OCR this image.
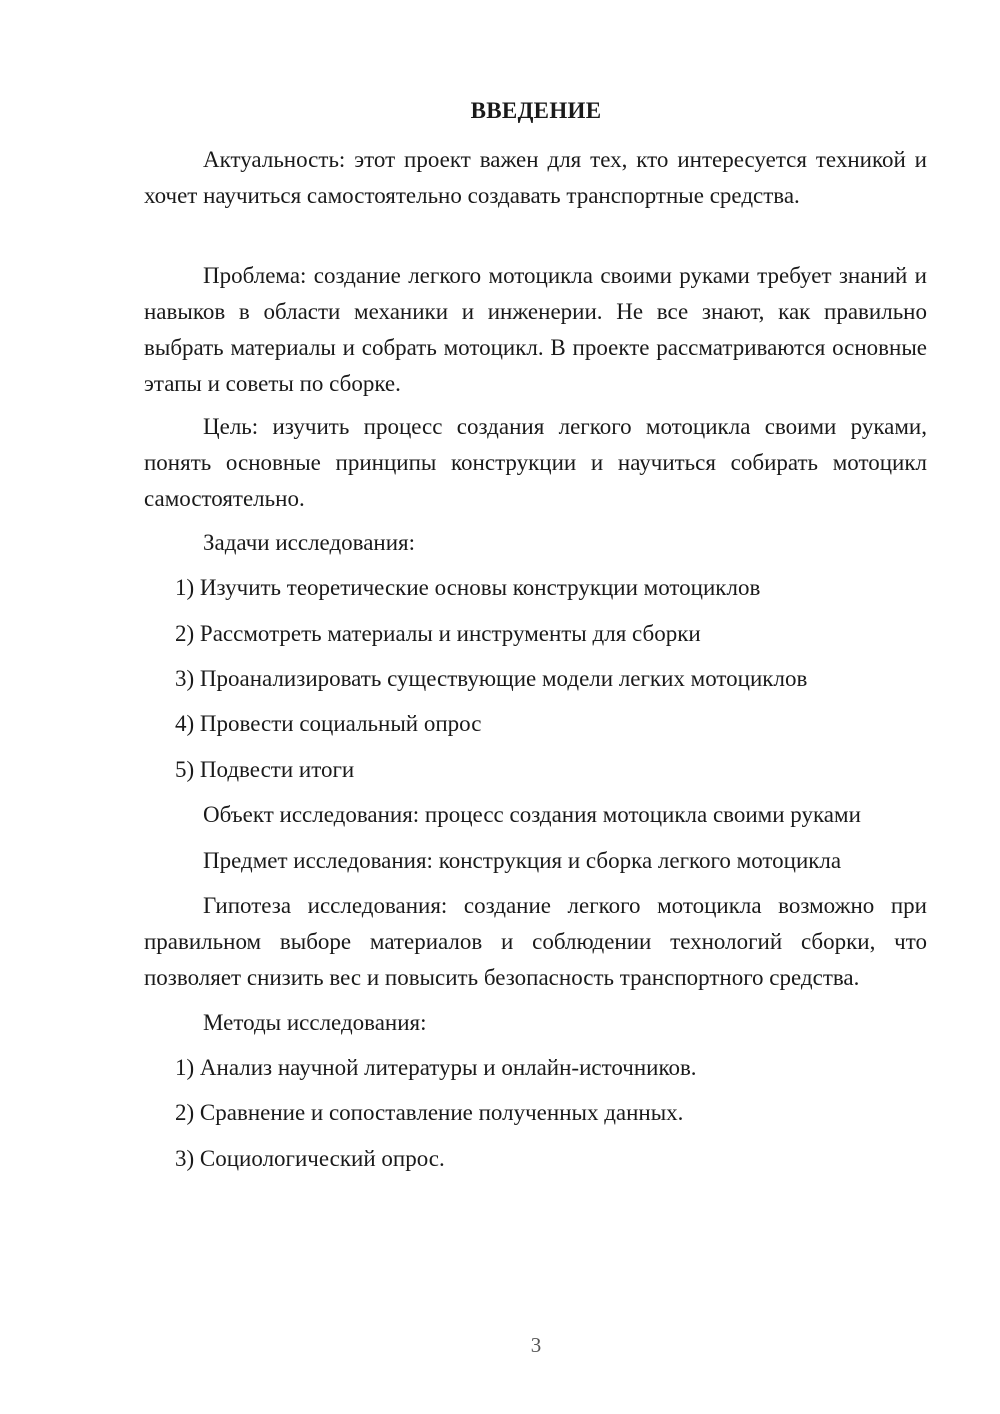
ВВЕДЕНИЕ
Актуальность: этот проект важен для тех, кто интересуется техникой и хочет научиться самостоятельно создавать транспортные средства.
Проблема: создание легкого мотоцикла своими руками требует знаний и навыков в области механики и инженерии. Не все знают, как правильно выбрать материалы и собрать мотоцикл. В проекте рассматриваются основные этапы и советы по сборке.
Цель: изучить процесс создания легкого мотоцикла своими руками, понять основные принципы конструкции и научиться собирать мотоцикл самостоятельно.
Задачи исследования:
1) Изучить теоретические основы конструкции мотоциклов
2) Рассмотреть материалы и инструменты для сборки
3) Проанализировать существующие модели легких мотоциклов
4) Провести социальный опрос
5) Подвести итоги
Объект исследования: процесс создания мотоцикла своими руками
Предмет исследования: конструкция и сборка легкого мотоцикла
Гипотеза исследования: создание легкого мотоцикла возможно при правильном выборе материалов и соблюдении технологий сборки, что позволяет снизить вес и повысить безопасность транспортного средства.
Методы исследования:
1) Анализ научной литературы и онлайн-источников.
2) Сравнение и сопоставление полученных данных.
3) Социологический опрос.
3
